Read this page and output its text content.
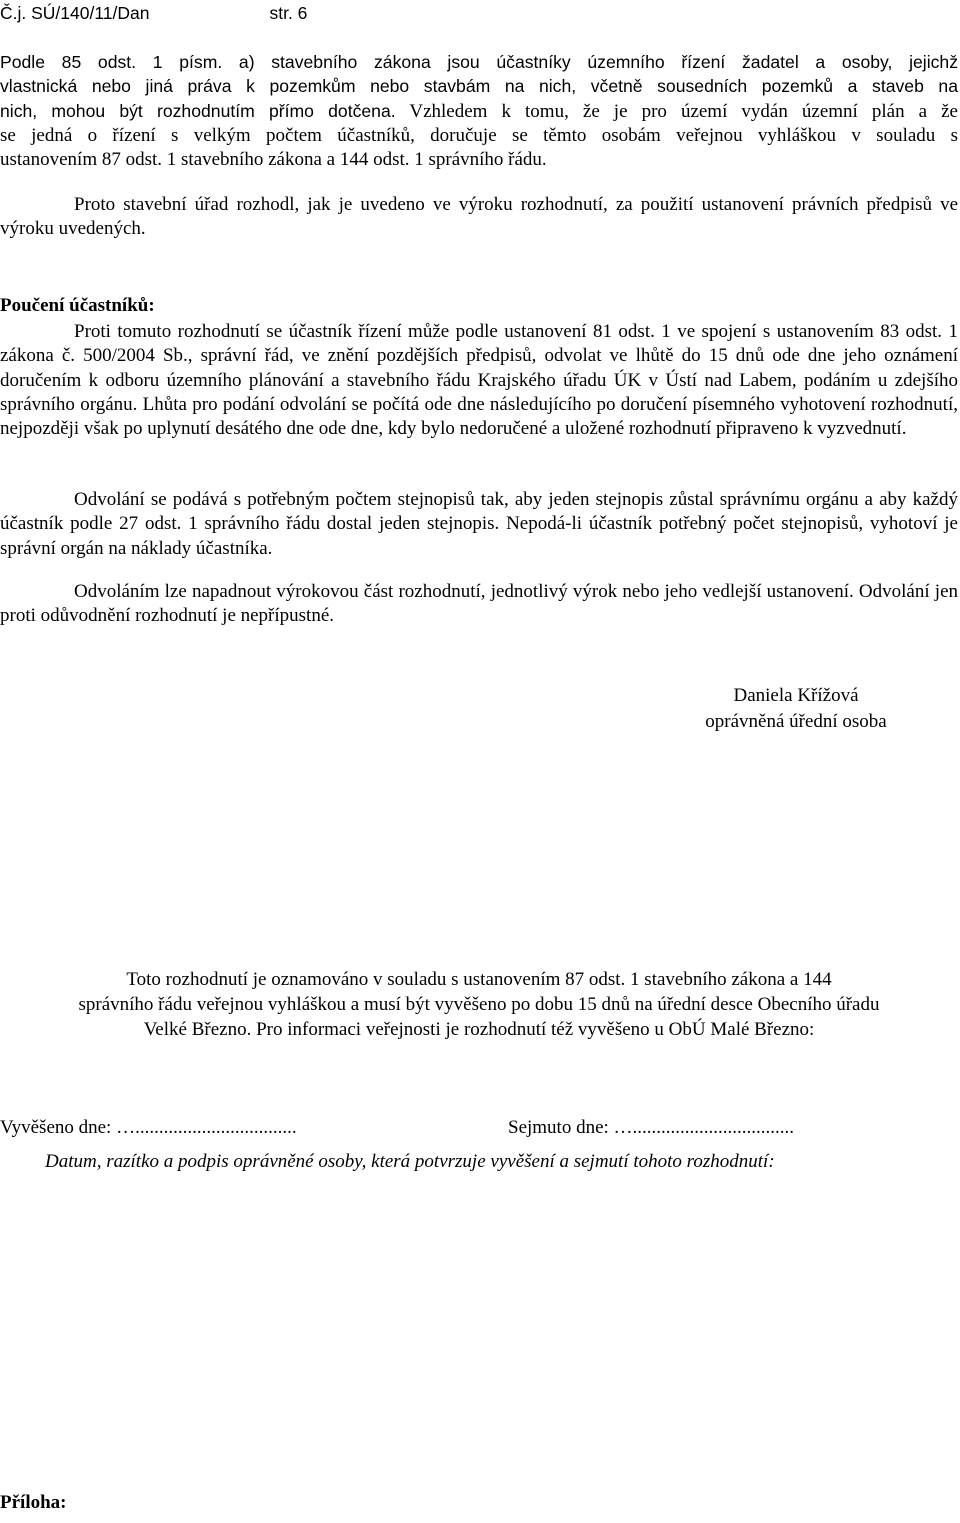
Č.j. SÚ/140/11/Dan	str. 6
Podle 85 odst. 1 písm. a) stavebního zákona jsou účastníky územního řízení žadatel a osoby, jejichž
vlastnická nebo jiná práva k pozemkům nebo stavbám na nich, včetně sousedních pozemků a staveb na
nich, mohou být rozhodnutím přímo dotčena. Vzhledem k tomu, že je pro území vydán územní plán a že
se jedná o řízení s velkým počtem účastníků, doručuje se těmto osobám veřejnou vyhláškou v souladu s
ustanovením 87 odst. 1 stavebního zákona a 144 odst. 1 správního řádu.
Proto stavební úřad rozhodl, jak je uvedeno ve výroku rozhodnutí, za použití ustanovení právních předpisů ve výroku uvedených.
Poučení účastníků:
Proti tomuto rozhodnutí se účastník řízení může podle ustanovení 81 odst. 1 ve spojení s ustanovením 83 odst. 1 zákona č. 500/2004 Sb., správní řád, ve znění pozdějších předpisů, odvolat ve lhůtě do 15 dnů ode dne jeho oznámení doručením k odboru územního plánování a stavebního řádu Krajského úřadu ÚK v Ústí nad Labem, podáním u zdejšího správního orgánu. Lhůta pro podání odvolání se počítá ode dne následujícího po doručení písemného vyhotovení rozhodnutí, nejpozději však po uplynutí desátého dne ode dne, kdy bylo nedoručené a uložené rozhodnutí připraveno k vyzvednutí.
Odvolání se podává s potřebným počtem stejnopisů tak, aby jeden stejnopis zůstal správnímu orgánu a aby každý účastník podle 27 odst. 1 správního řádu dostal jeden stejnopis. Nepodá-li účastník potřebný počet stejnopisů, vyhotoví je správní orgán na náklady účastníka.
Odvoláním lze napadnout výrokovou část rozhodnutí, jednotlivý výrok nebo jeho vedlejší ustanovení. Odvolání jen proti odůvodnění rozhodnutí je nepřípustné.
Daniela Křížová
oprávněná úřední osoba
Toto rozhodnutí je oznamováno v souladu s ustanovením 87 odst. 1 stavebního zákona a 144
správního řádu veřejnou vyhláškou a musí být vyvěšeno po dobu 15 dnů na úřední desce Obecního úřadu
Velké Březno. Pro informaci veřejnosti je rozhodnutí též vyvěšeno u ObÚ Malé Březno:
Vyvěšeno dne: …..................................	Sejmuto dne: …..................................
Datum, razítko a podpis oprávněné osoby, která potvrzuje vyvěšení a sejmutí tohoto rozhodnutí:
Příloha:
